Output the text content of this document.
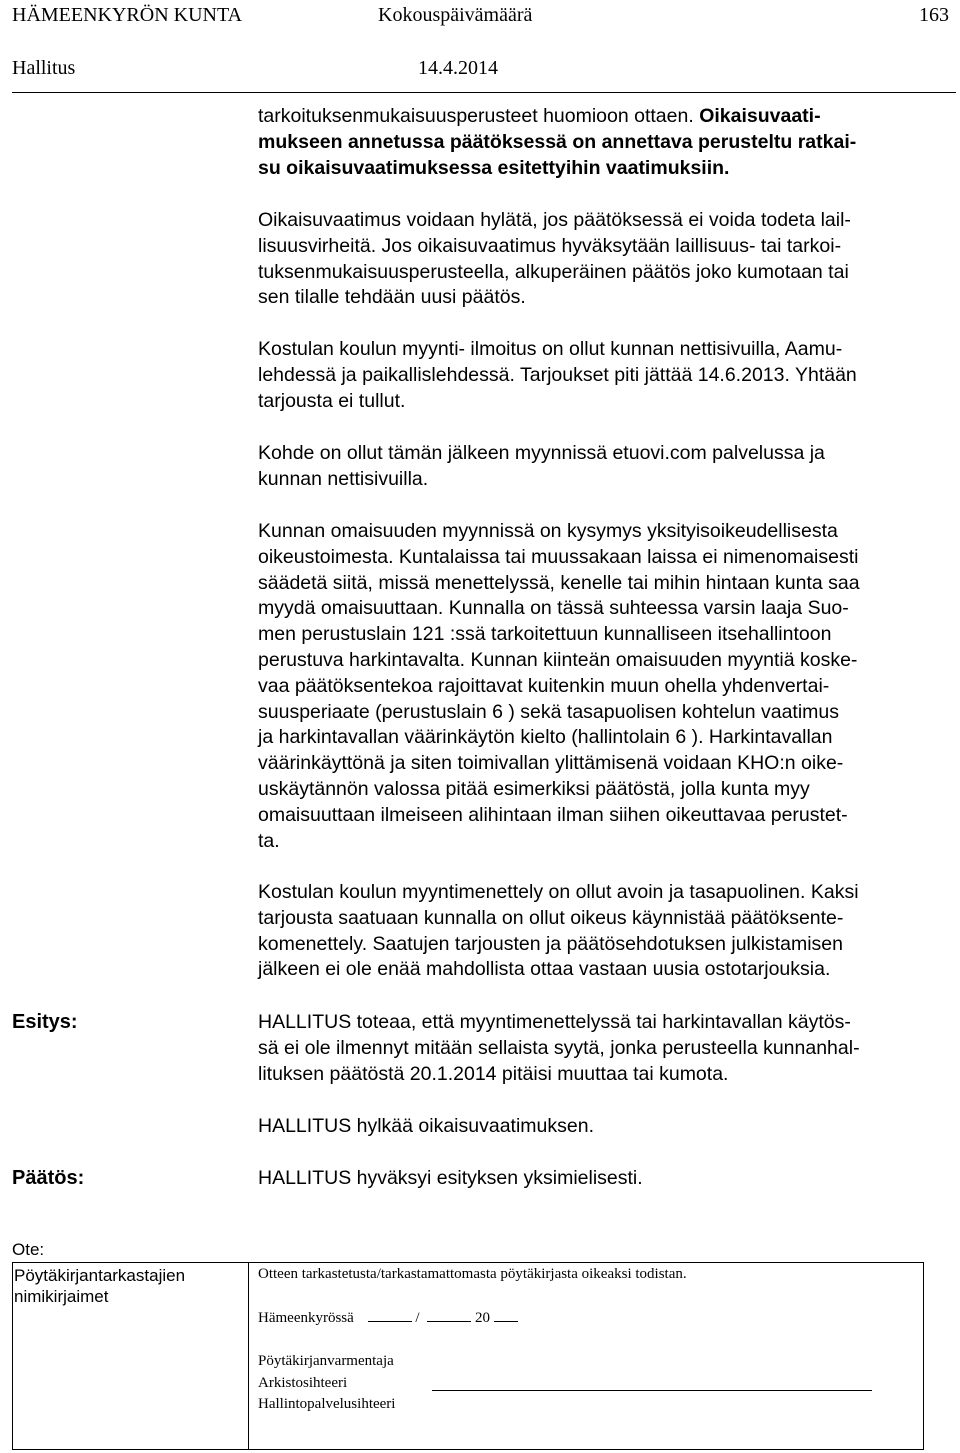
HÄMEENKYRÖN KUNTA	Kokouspäivämäärä	163
Hallitus	14.4.2014
tarkoituksenmukaisuusperusteet huomioon ottaen. Oikaisuvaati-
mukseen annetussa päätöksessä on annettava perusteltu ratkai-
su oikaisuvaatimuksessa esitettyihin vaatimuksiin.
Oikaisuvaatimus voidaan hylätä, jos päätöksessä ei voida todeta lail-
lisuusvirheitä. Jos oikaisuvaatimus hyväksytään laillisuus- tai tarkoi-
tuksenmukaisuusperusteella, alkuperäinen päätös joko kumotaan tai
sen tilalle tehdään uusi päätös.
Kostulan koulun myynti- ilmoitus on ollut kunnan nettisivuilla, Aamu-
lehdessä ja paikallislehdessä. Tarjoukset piti jättää 14.6.2013. Yhtään
tarjousta ei tullut.
Kohde on ollut tämän jälkeen myynnissä etuovi.com palvelussa ja
kunnan nettisivuilla.
Kunnan omaisuuden myynnissä on kysymys yksityisoikeudellisesta
oikeustoimesta. Kuntalaissa tai muussakaan laissa ei nimenomaisesti
säädetä siitä, missä menettelyssä, kenelle tai mihin hintaan kunta saa
myydä omaisuuttaan. Kunnalla on tässä suhteessa varsin laaja Suo-
men perustuslain 121 :ssä tarkoitettuun kunnalliseen itsehallintoon
perustuva harkintavalta. Kunnan kiinteän omaisuuden myyntiä koske-
vaa päätöksentekoa rajoittavat kuitenkin muun ohella yhdenvertai-
suusperiaate (perustuslain 6 ) sekä tasapuolisen kohtelun vaatimus
ja harkintavallan väärinkäytön kielto (hallintolain 6 ). Harkintavallan
väärinkäyttönä ja siten toimivallan ylittämisenä voidaan KHO:n oike-
uskäytännön valossa pitää esimerkiksi päätöstä, jolla kunta myy
omaisuuttaan ilmeiseen alihintaan ilman siihen oikeuttavaa perustet-
ta.
Kostulan koulun myyntimenettely on ollut avoin ja tasapuolinen. Kaksi
tarjousta saatuaan kunnalla on ollut oikeus käynnistää päätöksente-
komenettely. Saatujen tarjousten ja päätösehdotuksen julkistamisen
jälkeen ei ole enää mahdollista ottaa vastaan uusia ostotarjouksia.
Esitys:	HALLITUS toteaa, että myyntimenettelyssä tai harkintavallan käytös-
sä ei ole ilmennyt mitään sellaista syytä, jonka perusteella kunnanhal-
lituksen päätöstä 20.1.2014 pitäisi muuttaa tai kumota.
HALLITUS hylkää oikaisuvaatimuksen.
Päätös:	HALLITUS hyväksyi esityksen yksimielisesti.
Ote:
Pöytäkirjantarkastajien
nimikirjaimet
Otteen tarkastetusta/tarkastamattomasta pöytäkirjasta oikeaksi todistan.
Hämeenkyrössä	/	20
Pöytäkirjanvarmentaja
Arkistosihteeri
Hallintopalvelusihteeri
